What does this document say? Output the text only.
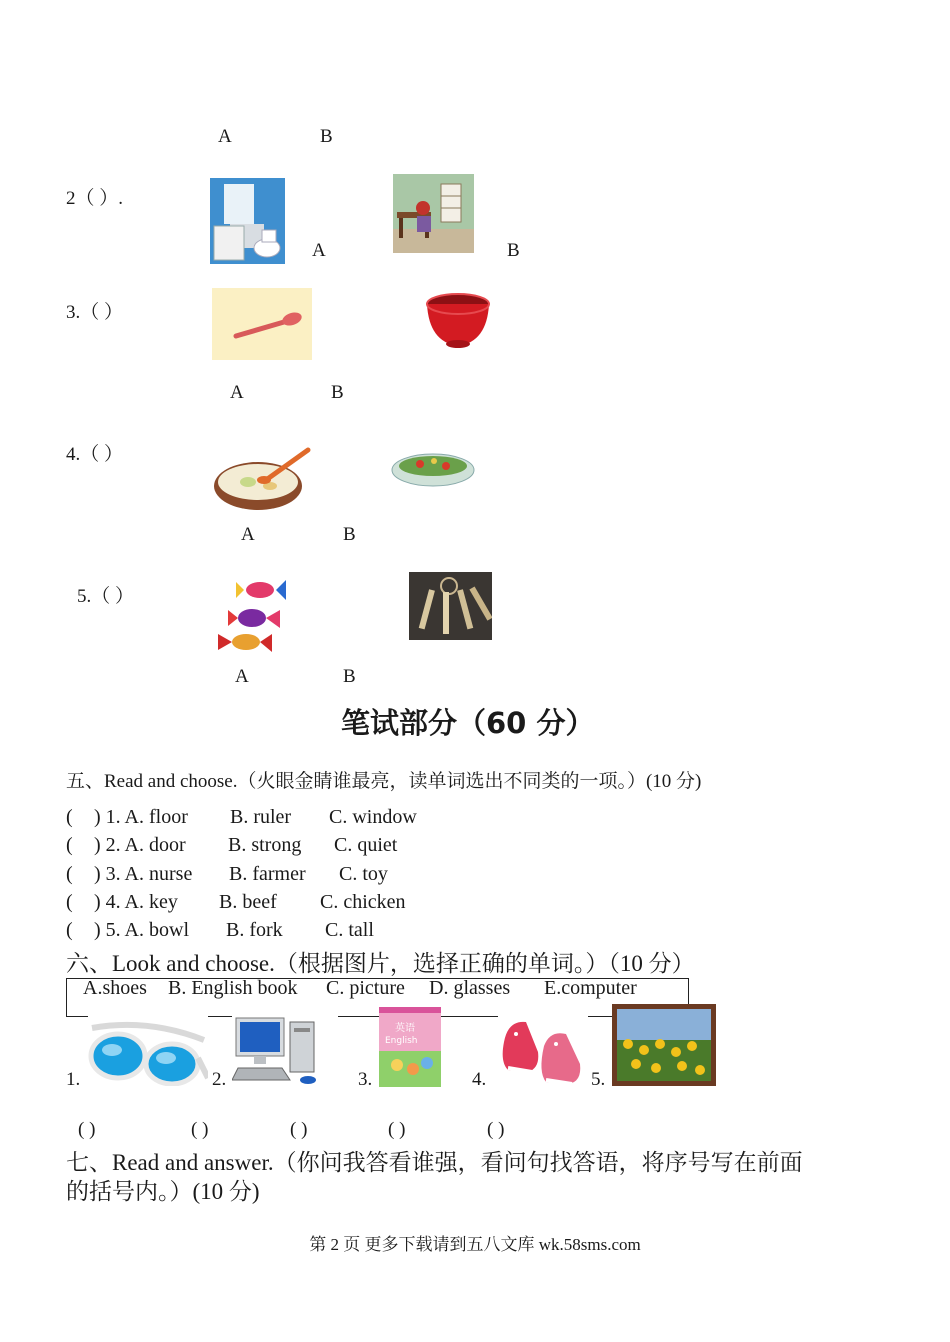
A	B
2（ ）.
A	B
3.（ ）
A	B
4.（ ）
A	B
5.（ ）
A	B
笔试部分（60 分）
五、Read and choose.（火眼金睛谁最亮，读单词选出不同类的一项。）(10 分)
( ) 1. A. floor B. ruler C. window
( ) 2. A. door B. strong C. quiet
( ) 3. A. nurse B. farmer C. toy
( ) 4. A. key B. beef C. chicken
( ) 5. A. bowl B. fork C. tall
六、Look and choose.（根据图片，选择正确的单词。）（10 分）
A.shoes B. English book C. picture D. glasses E.computer
英语
English
1.	2.	3.	4.	5.
( )	( )	( )	( )	( )
七、Read and answer.（你问我答看谁强，看问句找答语，将序号写在前面
的括号内。）(10 分)
第 2 页 更多下载请到五八文库 wk.58sms.com
